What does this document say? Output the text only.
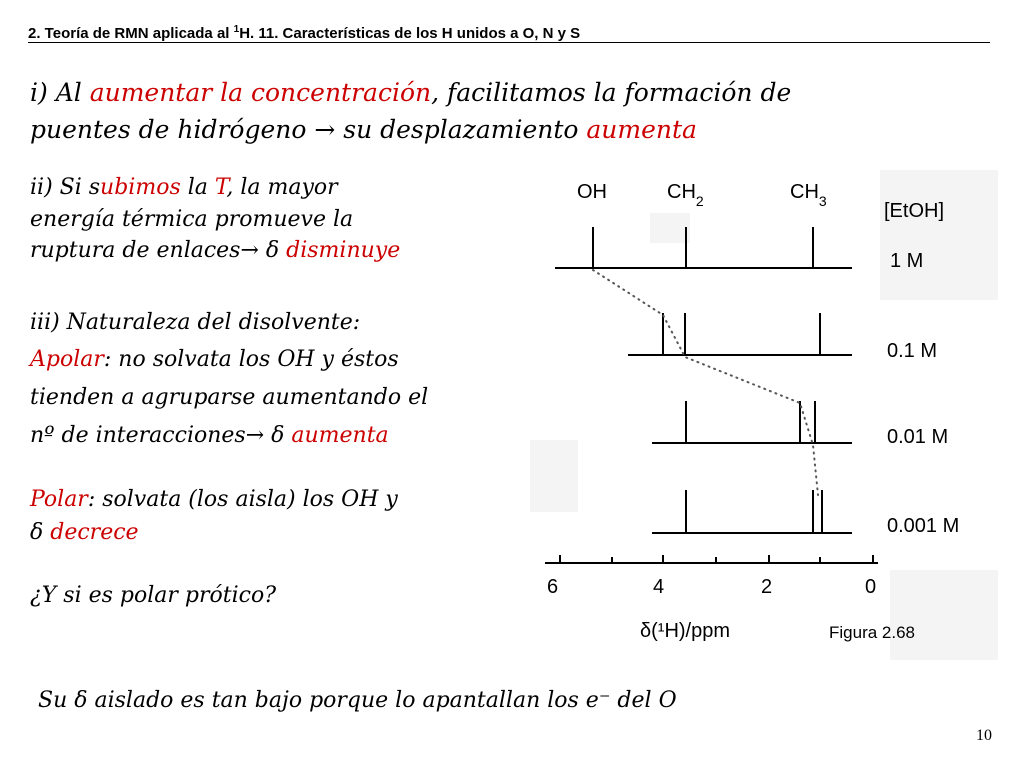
2. Teoría de RMN aplicada al $^1$H. 11. Características de los H unidos a O, N y S
i) Al aumentar la concentración, facilitamos la formación de
puentes de hidrógeno → su desplazamiento aumenta
ii) Si subimos la T, la mayor
energía térmica promueve la
ruptura de enlaces→ δ disminuye
iii) Naturaleza del disolvente:
Apolar: no solvata los OH y éstos
tienden a agruparse aumentando el
nº de interacciones→ δ aumenta
Polar: solvata (los aisla) los OH y
δ decrece
¿Y si es polar prótico?
Su δ aislado es tan bajo porque lo apantallan los e⁻ del O
OH	$CH_2$	$CH_3$	[EtOH]
1 M
0.1 M
0.01 M
0.001 M
6	4	2	0
δ(¹H)/ppm	Figura 2.68
10
